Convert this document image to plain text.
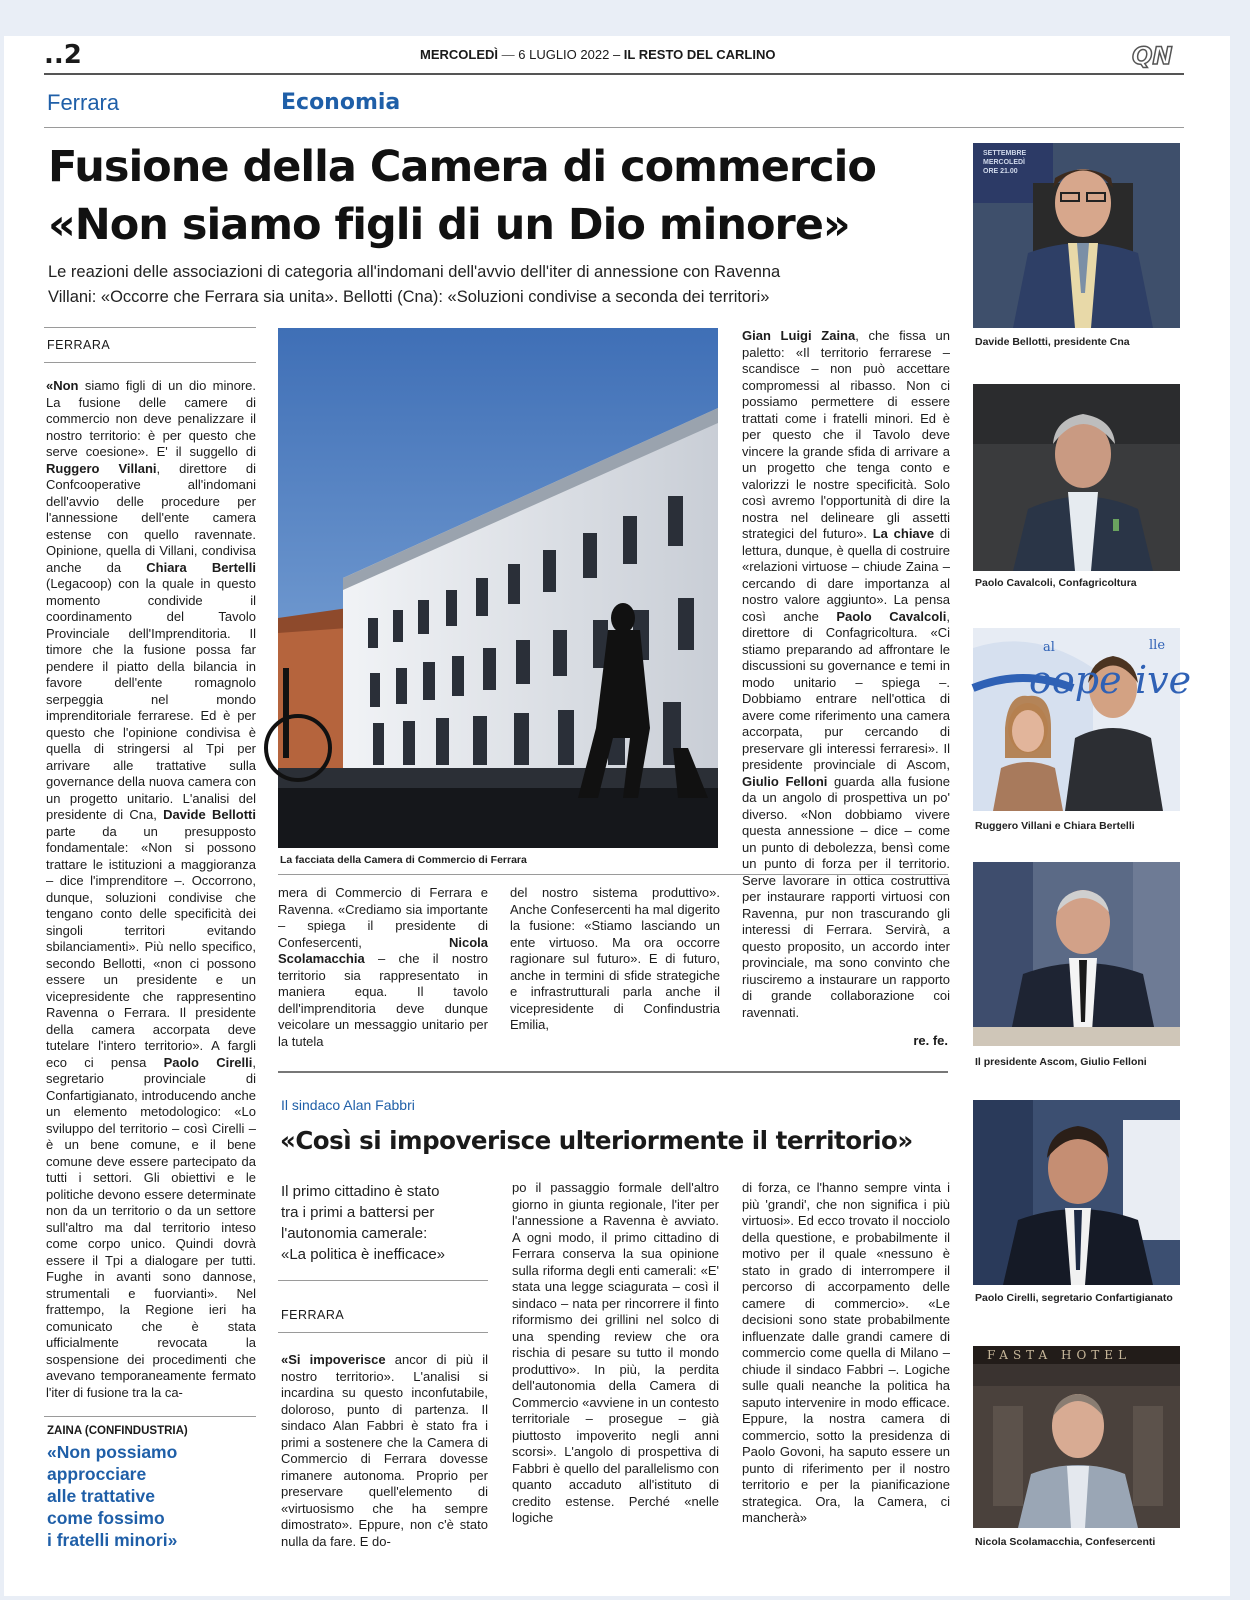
..2	MERCOLEDÌ — 6 LUGLIO 2022 – IL RESTO DEL CARLINO	QN
Ferrara	Economia
Fusione della Camera di commercio
«Non siamo figli di un Dio minore»
Le reazioni delle associazioni di categoria all'indomani dell'avvio dell'iter di annessione con Ravenna
Villani: «Occorre che Ferrara sia unita». Bellotti (Cna): «Soluzioni condivise a seconda dei territori»
FERRARA
«Non siamo figli di un dio minore. La fusione delle camere di commercio non deve penalizzare il nostro territorio: è per questo che serve coesione». E' il suggello di Ruggero Villani, direttore di Confcooperative all'indomani dell'avvio delle procedure per l'annessione dell'ente camera estense con quello ravennate. Opinione, quella di Villani, condivisa anche da Chiara Bertelli (Legacoop) con la quale in questo momento condivide il coordinamento del Tavolo Provinciale dell'Imprenditoria. Il timore che la fusione possa far pendere il piatto della bilancia in favore dell'ente romagnolo serpeggia nel mondo imprenditoriale ferrarese. Ed è per questo che l'opinione condivisa è quella di stringersi al Tpi per arrivare alle trattative sulla governance della nuova camera con un progetto unitario. L'analisi del presidente di Cna, Davide Bellotti parte da un presupposto fondamentale: «Non si possono trattare le istituzioni a maggioranza – dice l'imprenditore –. Occorrono, dunque, soluzioni condivise che tengano conto delle specificità dei singoli territori evitando sbilanciamenti». Più nello specifico, secondo Bellotti, «non ci possono essere un presidente e un vicepresidente che rappresentino Ravenna o Ferrara. Il presidente della camera accorpata deve tutelare l'intero territorio». A fargli eco ci pensa Paolo Cirelli, segretario provinciale di Confartigianato, introducendo anche un elemento metodologico: «Lo sviluppo del territorio – così Cirelli – è un bene comune, e il bene comune deve essere partecipato da tutti i settori. Gli obiettivi e le politiche devono essere determinate non da un territorio o da un settore sull'altro ma dal territorio inteso come corpo unico. Quindi dovrà essere il Tpi a dialogare per tutti. Fughe in avanti sono dannose, strumentali e fuorvianti». Nel frattempo, la Regione ieri ha comunicato che è stata ufficialmente revocata la sospensione dei procedimenti che avevano temporaneamente fermato l'iter di fusione tra la ca-
ZAINA (CONFINDUSTRIA)
«Non possiamo
approcciare
alle trattative
come fossimo
i fratelli minori»
La facciata della Camera di Commercio di Ferrara
mera di Commercio di Ferrara e Ravenna. «Crediamo sia importante – spiega il presidente di Confesercenti, Nicola Scolamacchia – che il nostro territorio sia rappresentato in maniera equa. Il tavolo dell'imprenditoria deve dunque veicolare un messaggio unitario per la tutela
del nostro sistema produttivo». Anche Confesercenti ha mal digerito la fusione: «Stiamo lasciando un ente virtuoso. Ma ora occorre ragionare sul futuro». E di futuro, anche in termini di sfide strategiche e infrastrutturali parla anche il vicepresidente di Confindustria Emilia,
Gian Luigi Zaina, che fissa un paletto: «Il territorio ferrarese – scandisce – non può accettare compromessi al ribasso. Non ci possiamo permettere di essere trattati come i fratelli minori. Ed è per questo che il Tavolo deve vincere la grande sfida di arrivare a un progetto che tenga conto e valorizzi le nostre specificità. Solo così avremo l'opportunità di dire la nostra nel delineare gli assetti strategici del futuro». La chiave di lettura, dunque, è quella di costruire «relazioni virtuose – chiude Zaina – cercando di dare importanza al nostro valore aggiunto». La pensa così anche Paolo Cavalcoli, direttore di Confagricoltura. «Ci stiamo preparando ad affrontare le discussioni su governance e temi in modo unitario – spiega –. Dobbiamo entrare nell'ottica di avere come riferimento una camera accorpata, pur cercando di preservare gli interessi ferraresi». Il presidente provinciale di Ascom, Giulio Felloni guarda alla fusione da un angolo di prospettiva un po' diverso. «Non dobbiamo vivere questa annessione – dice – come un punto di debolezza, bensì come un punto di forza per il territorio. Serve lavorare in ottica costruttiva per instaurare rapporti virtuosi con Ravenna, pur non trascurando gli interessi di Ferrara. Servirà, a questo proposito, un accordo inter provinciale, ma sono convinto che riusciremo a instaurare un rapporto di grande collaborazione coi ravennati.
re. fe.
SETTEMBRE
MERCOLEDÌ
ORE 21.00
Davide Bellotti, presidente Cna
Paolo Cavalcoli, Confagricoltura
al	lle
oope ive
Ruggero Villani e Chiara Bertelli
Il presidente Ascom, Giulio Felloni
Paolo Cirelli, segretario Confartigianato
FASTA HOTEL
Nicola Scolamacchia, Confesercenti
Il sindaco Alan Fabbri
«Così si impoverisce ulteriormente il territorio»
Il primo cittadino è stato
tra i primi a battersi per
l'autonomia camerale:
«La politica è inefficace»
FERRARA
«Si impoverisce ancor di più il nostro territorio». L'analisi si incardina su questo inconfutabile, doloroso, punto di partenza. Il sindaco Alan Fabbri è stato fra i primi a sostenere che la Camera di Commercio di Ferrara dovesse rimanere autonoma. Proprio per preservare quell'elemento di «virtuosismo che ha sempre dimostrato». Eppure, non c'è stato nulla da fare. E do-
po il passaggio formale dell'altro giorno in giunta regionale, l'iter per l'annessione a Ravenna è avviato. A ogni modo, il primo cittadino di Ferrara conserva la sua opinione sulla riforma degli enti camerali: «E' stata una legge sciagurata – così il sindaco – nata per rincorrere il finto riformismo dei grillini nel solco di una spending review che ora rischia di pesare su tutto il mondo produttivo». In più, la perdita dell'autonomia della Camera di Commercio «avviene in un contesto territoriale – prosegue – già piuttosto impoverito negli anni scorsi». L'angolo di prospettiva di Fabbri è quello del parallelismo con quanto accaduto all'istituto di credito estense. Perché «nelle logiche
di forza, ce l'hanno sempre vinta i più 'grandi', che non significa i più virtuosi». Ed ecco trovato il nocciolo della questione, e probabilmente il motivo per il quale «nessuno è stato in grado di interrompere il percorso di accorpamento delle camere di commercio». «Le decisioni sono state probabilmente influenzate dalle grandi camere di commercio come quella di Milano – chiude il sindaco Fabbri –. Logiche sulle quali neanche la politica ha saputo intervenire in modo efficace. Eppure, la nostra camera di commercio, sotto la presidenza di Paolo Govoni, ha saputo essere un punto di riferimento per il nostro territorio e per la pianificazione strategica. Ora, la Camera, ci mancherà»
